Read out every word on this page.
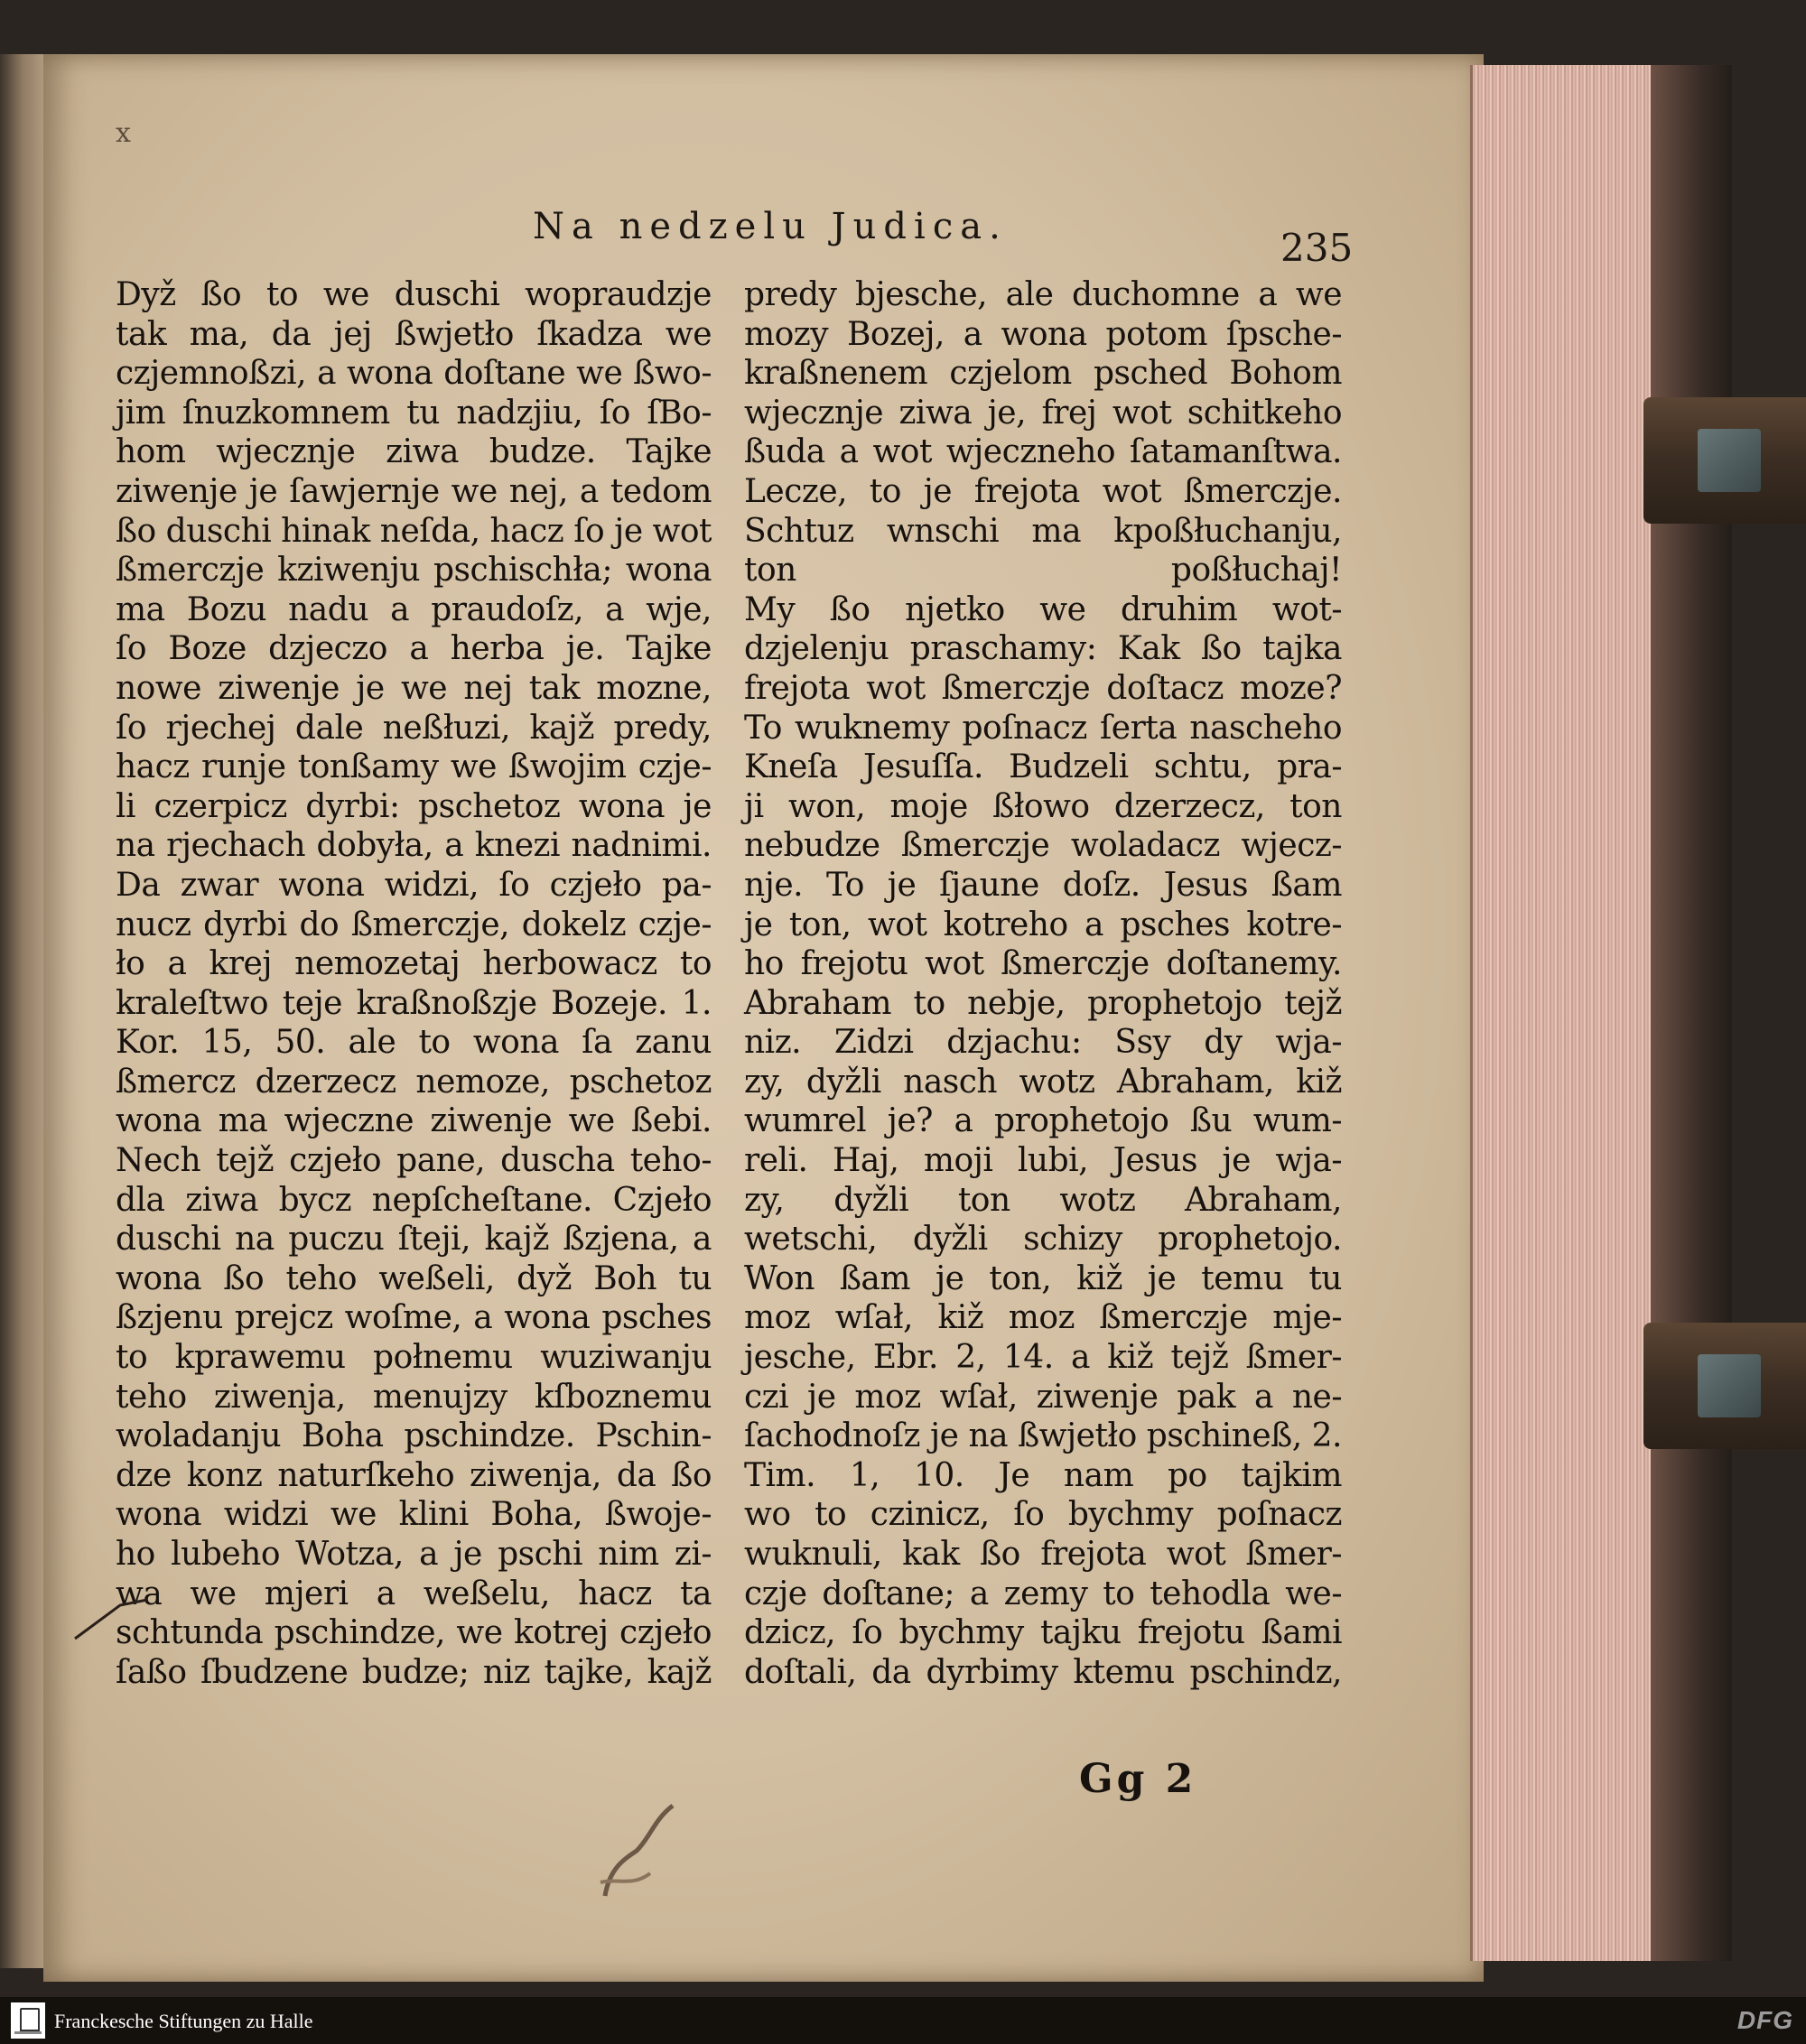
x
Na nedzelu Judica.	235
Dyž ßo to we duschi wopraudzje
tak ma, da jej ßwjetło ſkadza we
czjemnoßzi, a wona doſtane we ßwo-
jim ſnuzkomnem tu nadzjiu, ſo ſBo-
hom wjecznje ziwa budze. Tajke
ziwenje je ſawjernje we nej, a tedom
ßo duschi hinak neſda, hacz ſo je wot
ßmerczje kziwenju pschischła; wona
ma Bozu nadu a praudoſz, a wje,
ſo Boze dzjeczo a herba je. Tajke
nowe ziwenje je we nej tak mozne,
ſo rjechej dale neßłuzi, kajž predy,
hacz runje tonßamy we ßwojim czje-
li czerpicz dyrbi: pschetoz wona je
na rjechach dobyła, a knezi nadnimi.
Da zwar wona widzi, ſo czjeło pa-
nucz dyrbi do ßmerczje, dokelz czje-
ło a krej nemozetaj herbowacz to
kraleſtwo teje kraßnoßzje Bozeje. 1.
Kor. 15, 50. ale to wona ſa zanu
ßmercz dzerzecz nemoze, pschetoz
wona ma wjeczne ziwenje we ßebi.
Nech tejž czjeło pane, duscha teho-
dla ziwa bycz nepſcheſtane. Czjeło
duschi na puczu ſteji, kajž ßzjena, a
wona ßo teho weßeli, dyž Boh tu
ßzjenu prejcz woſme, a wona psches
to kprawemu połnemu wuziwanju
teho ziwenja, menujzy kſboznemu
woladanju Boha pschindze. Pschin-
dze konz naturſkeho ziwenja, da ßo
wona widzi we klini Boha, ßwoje-
ho lubeho Wotza, a je pschi nim zi-
wa we mjeri a weßelu, hacz ta
schtunda pschindze, we kotrej czjeło
ſaßo ſbudzene budze; niz tajke, kajž
predy bjesche, ale duchomne a we
mozy Bozej, a wona potom ſpsche-
kraßnenem czjelom psched Bohom
wjecznje ziwa je, frej wot schitkeho
ßuda a wot wjeczneho ſatamanſtwa.
Lecze, to je frejota wot ßmerczje.
Schtuz wnschi ma kpoßłuchanju,
ton poßłuchaj!
My ßo njetko we druhim wot-
dzjelenju praschamy: Kak ßo tajka
frejota wot ßmerczje doſtacz moze?
To wuknemy poſnacz ſerta nascheho
Kneſa Jesuſſa. Budzeli schtu, pra-
ji won, moje ßłowo dzerzecz, ton
nebudze ßmerczje woladacz wjecz-
nje. To je ſjaune doſz. Jesus ßam
je ton, wot kotreho a psches kotre-
ho frejotu wot ßmerczje doſtanemy.
Abraham to nebje, prophetojo tejž
niz. Zidzi dzjachu: Ssy dy wja-
zy, dyžli nasch wotz Abraham, kiž
wumrel je? a prophetojo ßu wum-
reli. Haj, moji lubi, Jesus je wja-
zy, dyžli ton wotz Abraham,
wetschi, dyžli schizy prophetojo.
Won ßam je ton, kiž je temu tu
moz wſał, kiž moz ßmerczje mje-
jesche, Ebr. 2, 14. a kiž tejž ßmer-
czi je moz wſał, ziwenje pak a ne-
ſachodnoſz je na ßwjetło pschineß, 2.
Tim. 1, 10. Je nam po tajkim
wo to czinicz, ſo bychmy poſnacz
wuknuli, kak ßo frejota wot ßmer-
czje doſtane; a zemy to tehodla we-
dzicz, ſo bychmy tajku frejotu ßami
doſtali, da dyrbimy ktemu pschindz,
Gg 2
Franckesche Stiftungen zu Halle	DFG
